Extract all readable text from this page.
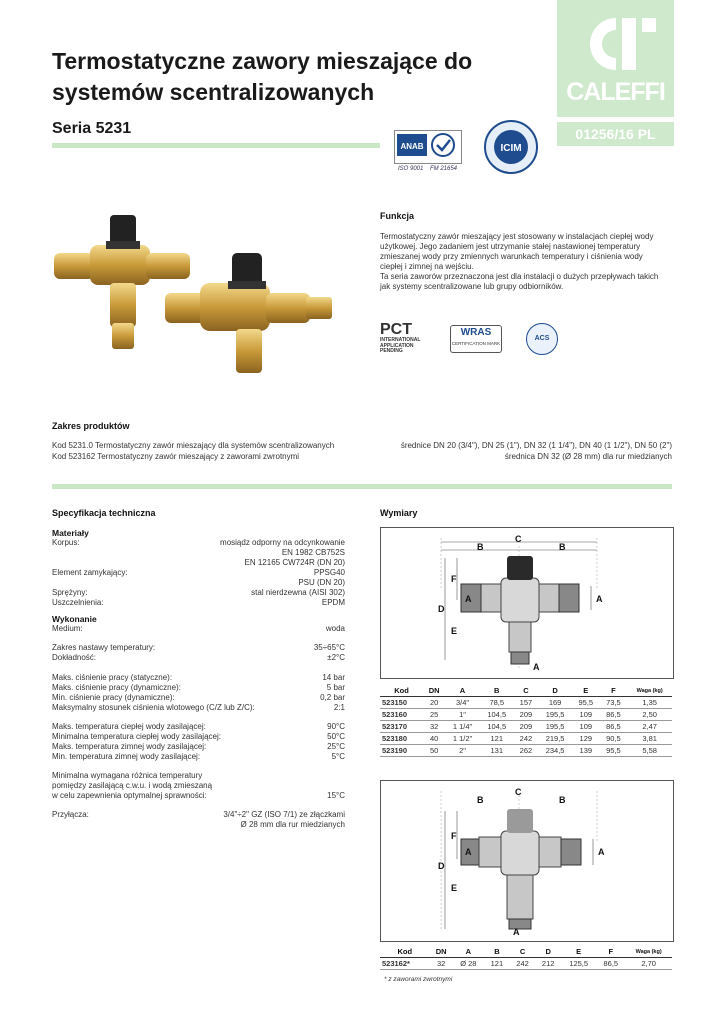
Termostatyczne zawory mieszające do
systemów scentralizowanych
Seria 5231
CALEFFI
01256/16 PL
ANAB
ISO 9001 FM 21654
ICIM
Funkcja
Termostatyczny zawór mieszający jest stosowany w instalacjach ciepłej wody
użytkowej. Jego zadaniem jest utrzymanie stałej nastawionej temperatury
zmieszanej wody przy zmiennych warunkach temperatury i ciśnienia wody
ciepłej i zimnej na wejściu.
Ta seria zaworów przeznaczona jest dla instalacji o dużych przepływach takich
jak systemy scentralizowane lub grupy odbiorników.
PCT
INTERNATIONAL
APPLICATION
PENDING
WRAS
CERTIFICATION MARK
ACS
Zakres produktów
Kod 5231.0 Termostatyczny zawór mieszający dla systemów scentralizowanych	średnice DN 20 (3/4"), DN 25 (1"), DN 32 (1 1/4"), DN 40 (1 1/2"), DN 50 (2")
Kod 523162 Termostatyczny zawór mieszający z zaworami zwrotnymi	średnica DN 32 (Ø 28 mm) dla rur miedzianych
Specyfikacja techniczna
Materiały
Korpus:	mosiądz odporny na odcynkowanie
EN 1982 CB752S
EN 12165 CW724R (DN 20)
Element zamykający:	PPSG40
PSU (DN 20)
Sprężyny:	stal nierdzewna (AISI 302)
Uszczelnienia:	EPDM
Wykonanie
Medium:	woda
Zakres nastawy temperatury:	35÷65°C
Dokładność:	±2°C
Maks. ciśnienie pracy (statyczne):	14 bar
Maks. ciśnienie pracy (dynamiczne):	5 bar
Min. ciśnienie pracy (dynamiczne):	0,2 bar
Maksymalny stosunek ciśnienia wlotowego (C/Z lub Z/C):	2:1
Maks. temperatura ciepłej wody zasilającej:	90°C
Minimalna temperatura ciepłej wody zasilającej:	50°C
Maks. temperatura zimnej wody zasilającej:	25°C
Min. temperatura zimnej wody zasilającej:	5°C
Minimalna wymagana różnica temperatury
pomiędzy zasilającą c.w.u. i wodą zmieszaną
w celu zapewnienia optymalnej sprawności:	15°C
Przyłącza:	3/4"÷2" GZ (ISO 7/1) ze złączkami
Ø 28 mm dla rur miedzianych
Wymiary
C
B	B
D
F
E
A	A
A
Kod	DN	A	B	C	D	E	F	Waga (kg)
523150	20	3/4"	78,5	157	169	95,5	73,5	1,35
523160	25	1"	104,5	209	195,5	109	86,5	2,50
523170	32	1 1/4"	104,5	209	195,5	109	86,5	2,47
523180	40	1 1/2"	121	242	219,5	129	90,5	3,81
523190	50	2"	131	262	234,5	139	95,5	5,58
C
B	B
D
F
E
A	A
A
Kod	DN	A	B	C	D	E	F	Waga (kg)
523162*	32	Ø 28	121	242	212	125,5	86,5	2,70
* z zaworami zwrotnymi
